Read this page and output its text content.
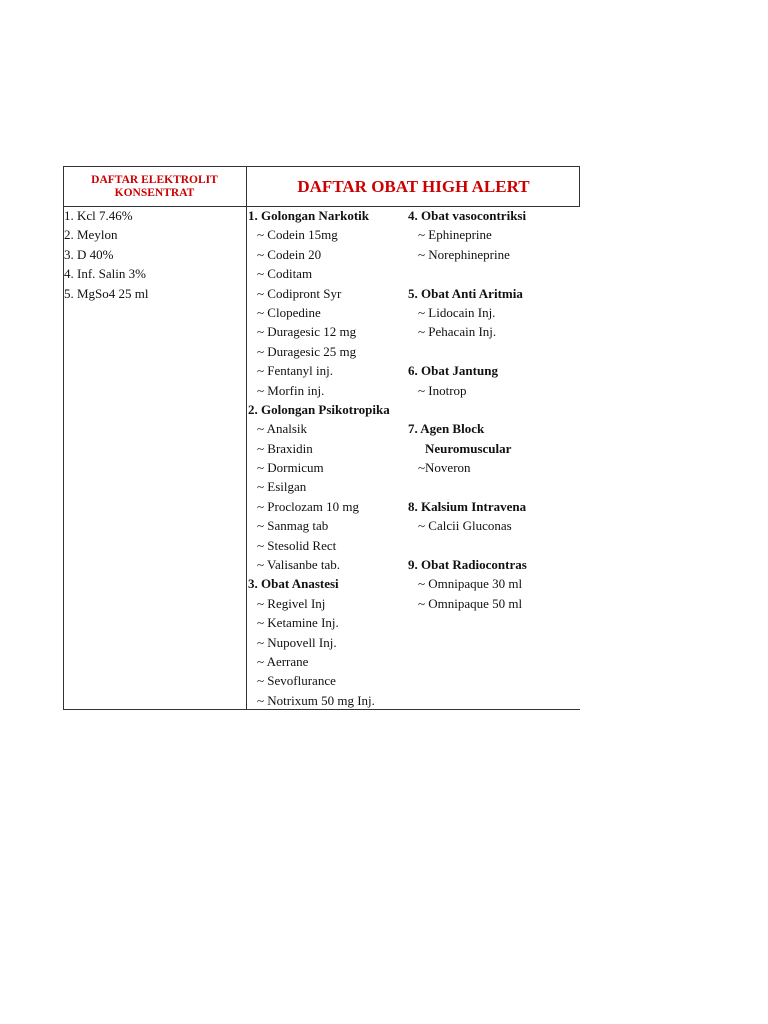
DAFTAR ELEKTROLIT
KONSENTRAT	DAFTAR OBAT HIGH ALERT
1. Kcl 7.46%
2. Meylon
3. D 40%
4. Inf. Salin 3%
5. MgSo4 25 ml
1. Golongan Narkotik
~ Codein 15mg
~ Codein 20
~ Coditam
~ Codipront Syr
~ Clopedine
~ Duragesic 12 mg
~ Duragesic 25 mg
~ Fentanyl inj.
~ Morfin inj.
2. Golongan Psikotropika
~ Analsik
~ Braxidin
~ Dormicum
~ Esilgan
~ Proclozam 10 mg
~ Sanmag tab
~ Stesolid Rect
~ Valisanbe tab.
3. Obat Anastesi
~ Regivel Inj
~ Ketamine Inj.
~ Nupovell Inj.
~ Aerrane
~ Sevoflurance
~ Notrixum 50 mg Inj.
4. Obat vasocontriksi
~ Ephineprine
~ Norephineprine
5. Obat Anti Aritmia
~ Lidocain Inj.
~ Pehacain Inj.
6. Obat Jantung
~ Inotrop
7. Agen Block
Neuromuscular
~Noveron
8. Kalsium Intravena
~ Calcii Gluconas
9. Obat Radiocontras
~ Omnipaque 30 ml
~ Omnipaque 50 ml
